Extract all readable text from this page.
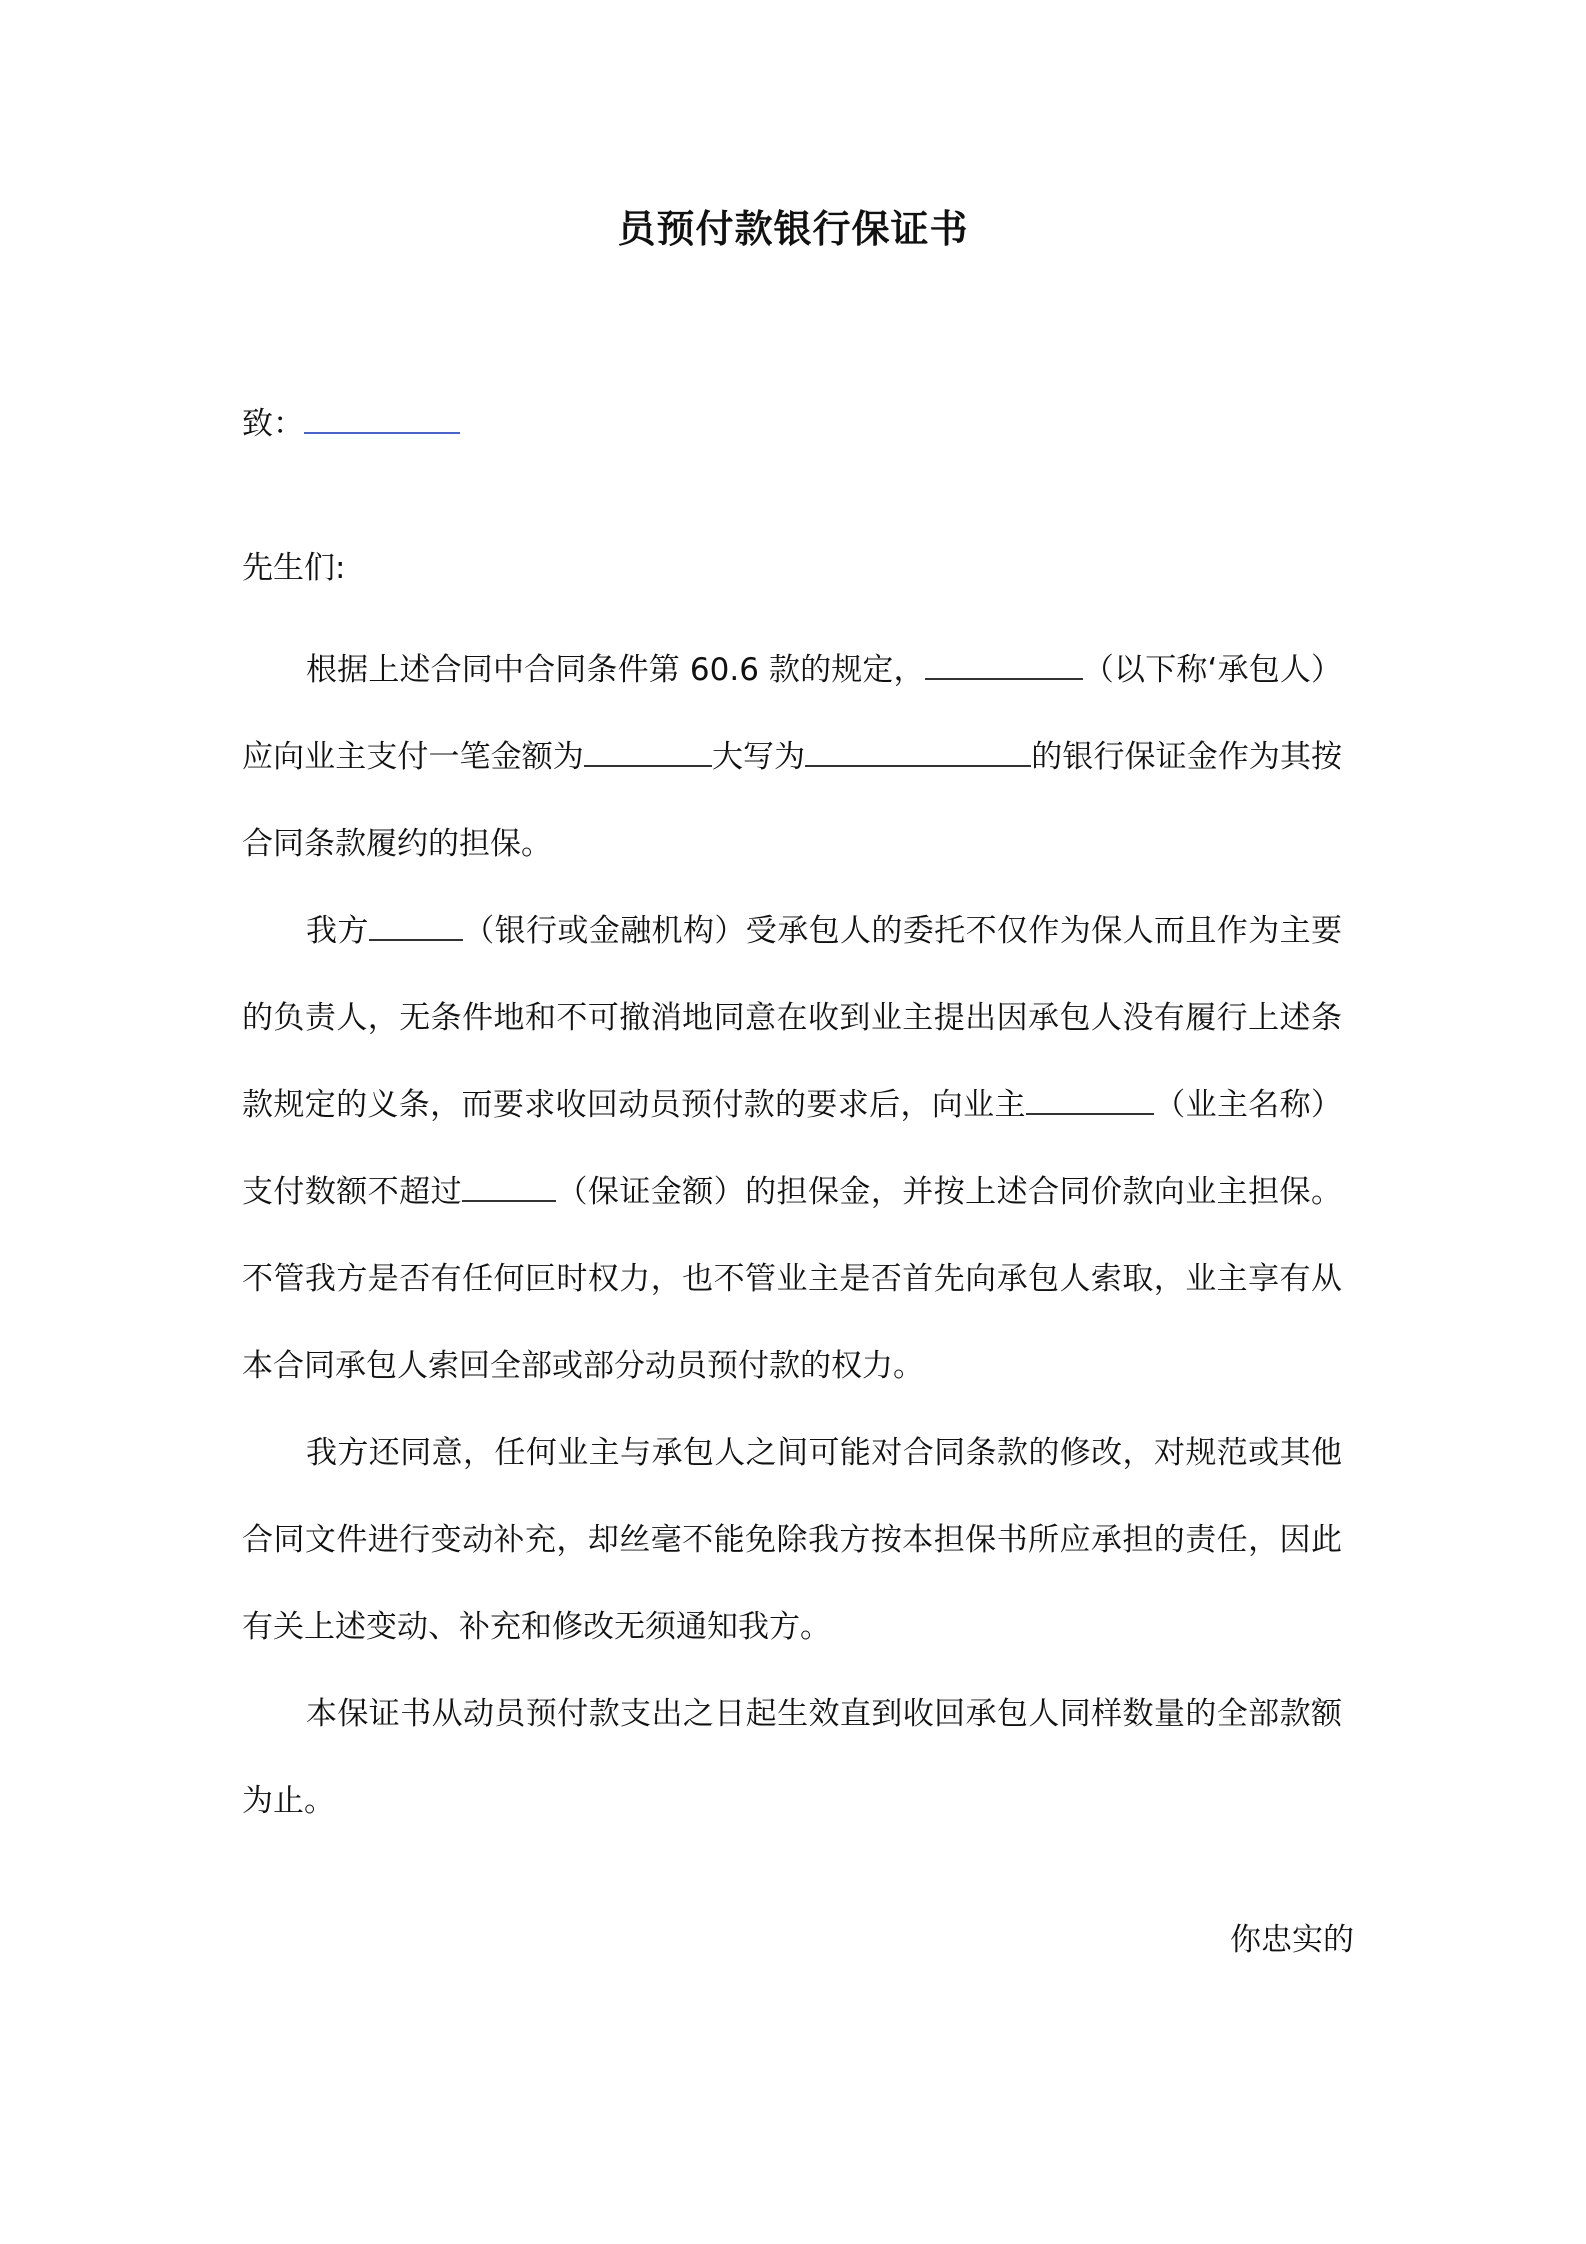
员预付款银行保证书
致：
先生们:

根据上述合同中合同条件第 60.6 款的规定，	（以下称‘承包人）应向业主支付一笔金额为	大写为	的银行保证金作为其按合同条款履约的担保。

我方	（银行或金融机构）受承包人的委托不仅作为保人而且作为主要的负责人，无条件地和不可撤消地同意在收到业主提出因承包人没有履行上述条款规定的义条，而要求收回动员预付款的要求后，向业主	（业主名称）支付数额不超过	（保证金额）的担保金，并按上述合同价款向业主担保。不管我方是否有任何叵时权力，也不管业主是否首先向承包人索取，业主享有从本合同承包人索回全部或部分动员预付款的权力。

我方还同意，任何业主与承包人之间可能对合同条款的修改，对规范或其他合同文件进行变动补充，却丝毫不能免除我方按本担保书所应承担的责任，因此有关上述变动、补充和修改无须通知我方。

本保证书从动员预付款支出之日起生效直到收回承包人同样数量的全部款额为止。

你忠实的
